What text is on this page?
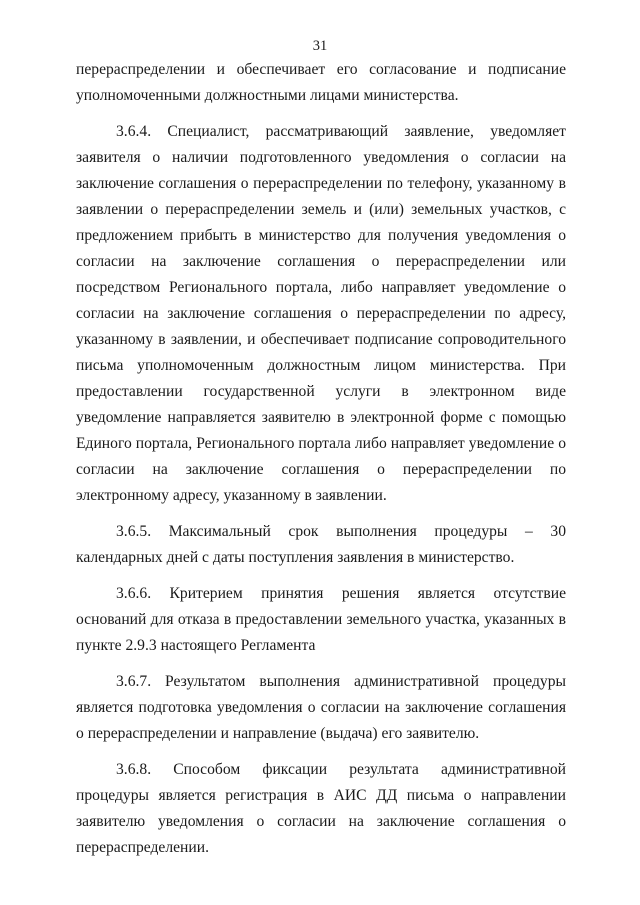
31

перераспределении и обеспечивает его согласование и подписание уполномоченными должностными лицами министерства.

3.6.4. Специалист, рассматривающий заявление, уведомляет заявителя о наличии подготовленного уведомления о согласии на заключение соглашения о перераспределении по телефону, указанному в заявлении о перераспределении земель и (или) земельных участков, с предложением прибыть в министерство для получения уведомления о согласии на заключение соглашения о перераспределении или посредством Регионального портала, либо направляет уведомление о согласии на заключение соглашения о перераспределении по адресу, указанному в заявлении, и обеспечивает подписание сопроводительного письма уполномоченным должностным лицом министерства. При предоставлении государственной услуги в электронном виде уведомление направляется заявителю в электронной форме с помощью Единого портала, Регионального портала либо направляет уведомление о согласии на заключение соглашения о перераспределении по электронному адресу, указанному в заявлении.

3.6.5. Максимальный срок выполнения процедуры – 30 календарных дней с даты поступления заявления в министерство.

3.6.6. Критерием принятия решения является отсутствие оснований для отказа в предоставлении земельного участка, указанных в пункте 2.9.3 настоящего Регламента

3.6.7. Результатом выполнения административной процедуры является подготовка уведомления о согласии на заключение соглашения о перераспределении и направление (выдача) его заявителю.

3.6.8. Способом фиксации результата административной процедуры является регистрация в АИС ДД письма о направлении заявителю уведомления о согласии на заключение соглашения о перераспределении.
